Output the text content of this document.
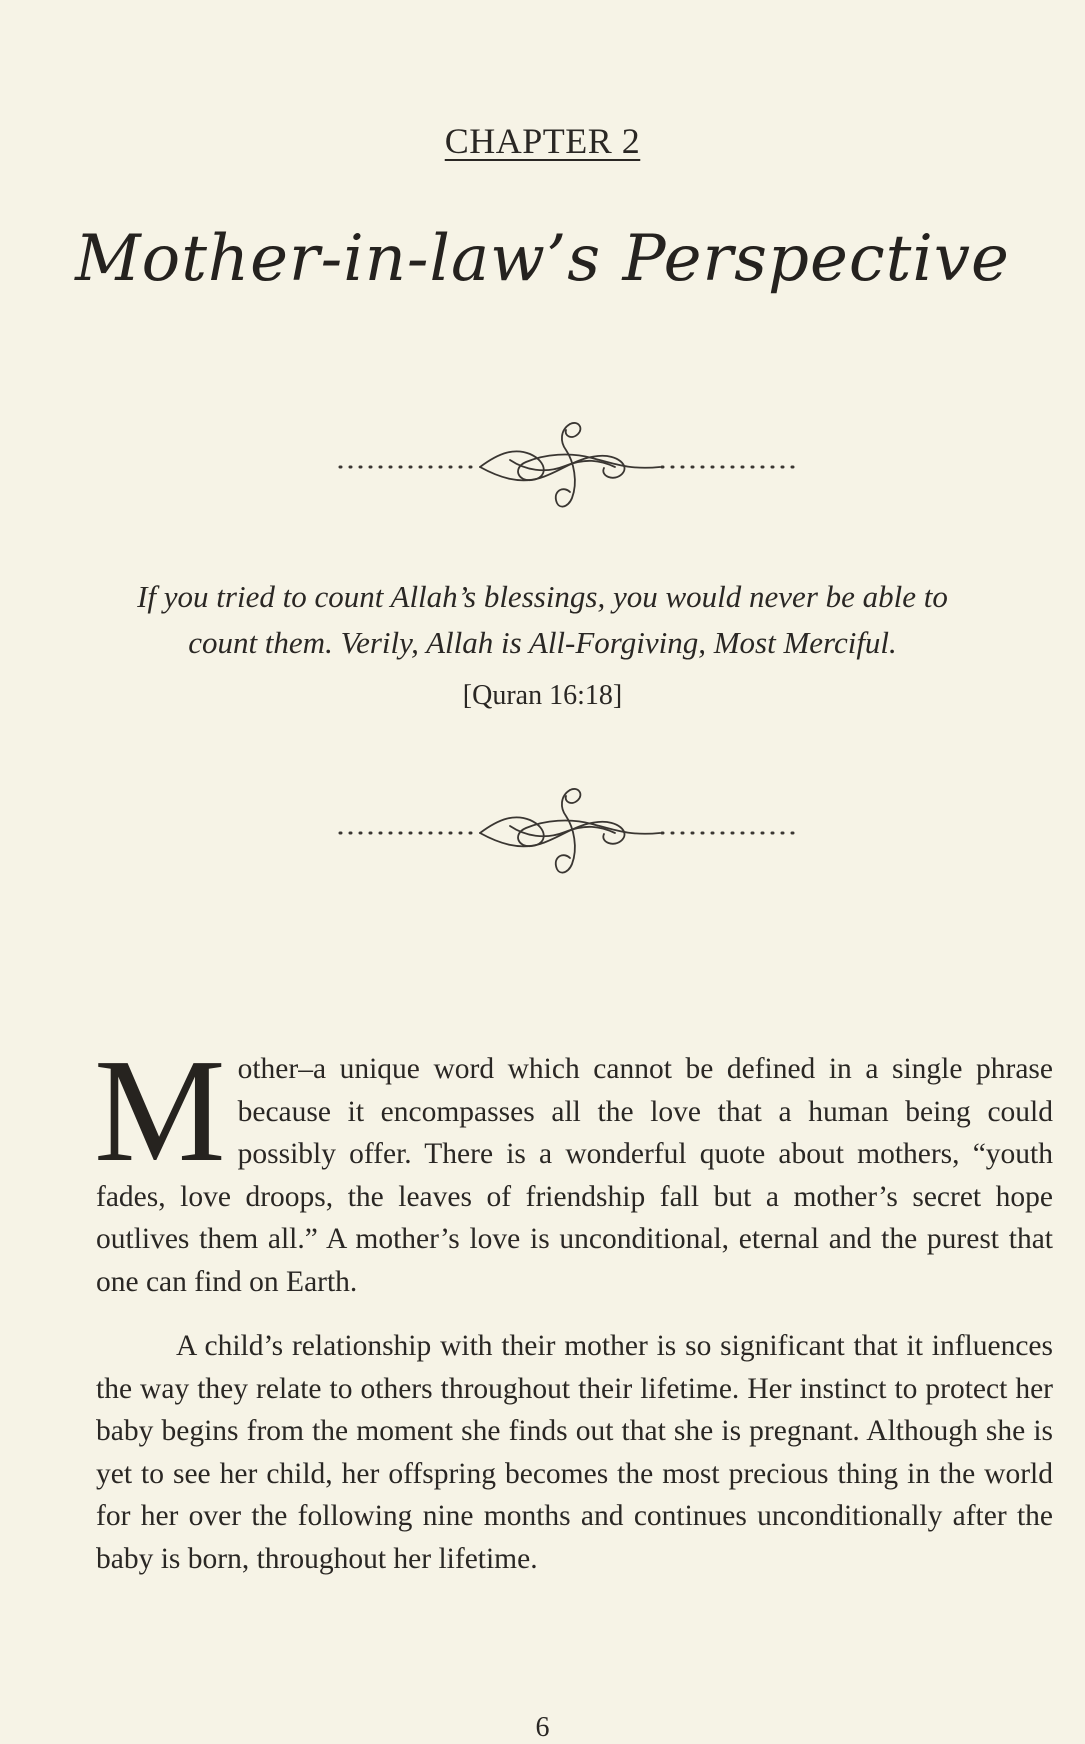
CHAPTER 2
Mother-in-law’s Perspective
If you tried to count Allah’s blessings, you would never be able to count them. Verily, Allah is All-Forgiving, Most Merciful.
[Quran 16:18]

Mother–a unique word which cannot be defined in a single phrase because it encompasses all the love that a human being could possibly offer. There is a wonderful quote about mothers, “youth fades, love droops, the leaves of friendship fall but a mother’s secret hope outlives them all.” A mother’s love is unconditional, eternal and the purest that one can find on Earth.

A child’s relationship with their mother is so significant that it influences the way they relate to others throughout their lifetime. Her instinct to protect her baby begins from the moment she finds out that she is pregnant. Although she is yet to see her child, her offspring becomes the most precious thing in the world for her over the following nine months and continues unconditionally after the baby is born, throughout her lifetime.

6
